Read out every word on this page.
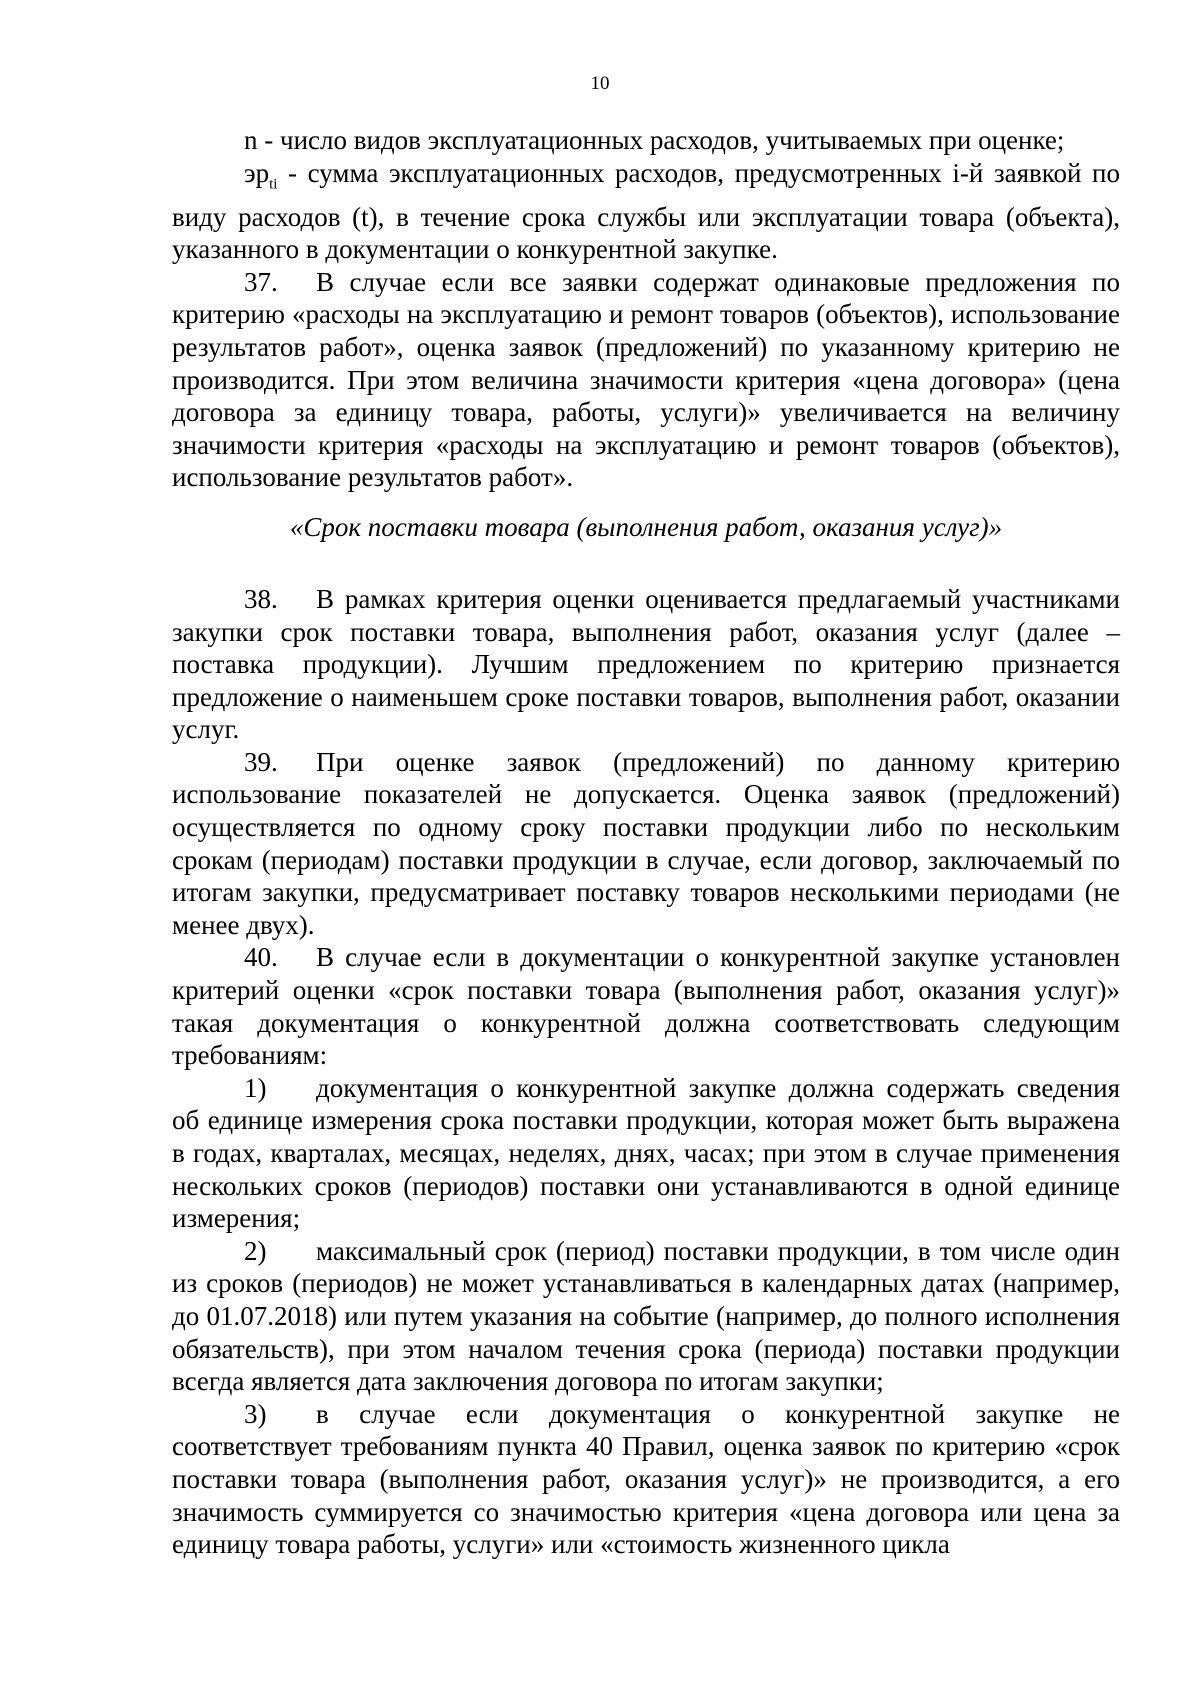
10

n - число видов эксплуатационных расходов, учитываемых при оценке;

$эр_{ti}$ - сумма эксплуатационных расходов, предусмотренных i-й заявкой по виду расходов (t), в течение срока службы или эксплуатации товара (объекта), указанного в документации о конкурентной закупке.

37. В случае если все заявки содержат одинаковые предложения по критерию «расходы на эксплуатацию и ремонт товаров (объектов), использование результатов работ», оценка заявок (предложений) по указанному критерию не производится. При этом величина значимости критерия «цена договора» (цена договора за единицу товара, работы, услуги)» увеличивается на величину значимости критерия «расходы на эксплуатацию и ремонт товаров (объектов), использование результатов работ».

«Срок поставки товара (выполнения работ, оказания услуг)»

38. В рамках критерия оценки оценивается предлагаемый участниками закупки срок поставки товара, выполнения работ, оказания услуг (далее – поставка продукции). Лучшим предложением по критерию признается предложение о наименьшем сроке поставки товаров, выполнения работ, оказании услуг.

39. При оценке заявок (предложений) по данному критерию использование показателей не допускается. Оценка заявок (предложений) осуществляется по одному сроку поставки продукции либо по нескольким срокам (периодам) поставки продукции в случае, если договор, заключаемый по итогам закупки, предусматривает поставку товаров несколькими периодами (не менее двух).

40. В случае если в документации о конкурентной закупке установлен критерий оценки «срок поставки товара (выполнения работ, оказания услуг)» такая документация о конкурентной должна соответствовать следующим требованиям:

1) документация о конкурентной закупке должна содержать сведения об единице измерения срока поставки продукции, которая может быть выражена в годах, кварталах, месяцах, неделях, днях, часах; при этом в случае применения нескольких сроков (периодов) поставки они устанавливаются в одной единице измерения;

2) максимальный срок (период) поставки продукции, в том числе один из сроков (периодов) не может устанавливаться в календарных датах (например, до 01.07.2018) или путем указания на событие (например, до полного исполнения обязательств), при этом началом течения срока (периода) поставки продукции всегда является дата заключения договора по итогам закупки;

3) в случае если документация о конкурентной закупке не соответствует требованиям пункта 40 Правил, оценка заявок по критерию «срок поставки товара (выполнения работ, оказания услуг)» не производится, а его значимость суммируется со значимостью критерия «цена договора или цена за единицу товара работы, услуги» или «стоимость жизненного цикла
